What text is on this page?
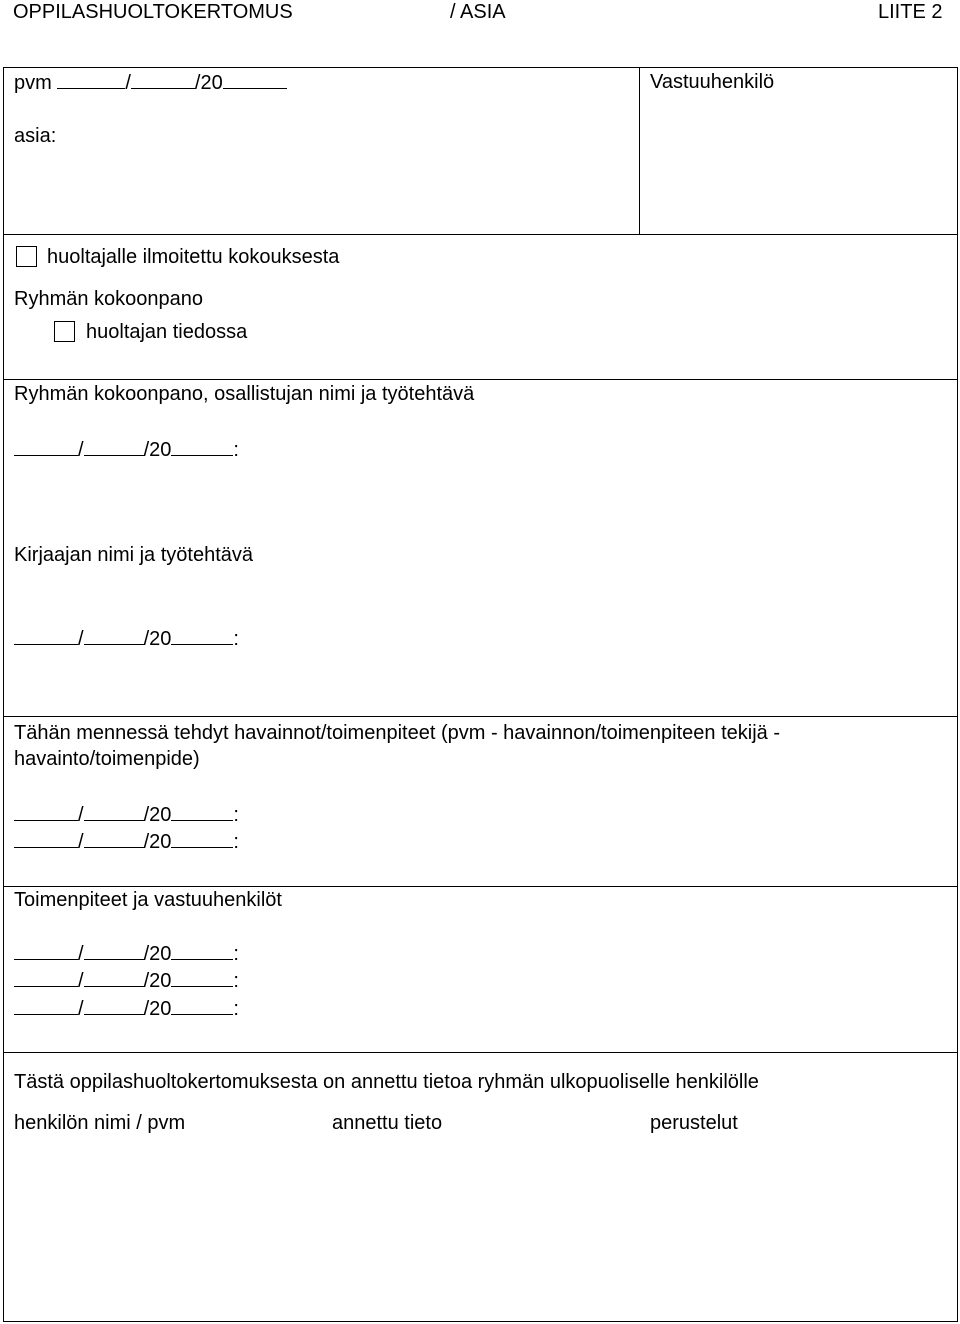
OPPILASHUOLTOKERTOMUS	/ ASIA	LIITE 2
pvm	/	/20	Vastuuhenkilö
asia:
huoltajalle ilmoitettu kokouksesta
Ryhmän kokoonpano
huoltajan tiedossa
Ryhmän kokoonpano, osallistujan nimi ja työtehtävä
/	/20	:
Kirjaajan nimi ja työtehtävä
/	/20	:
Tähän mennessä tehdyt havainnot/toimenpiteet (pvm - havainnon/toimenpiteen tekijä -
havainto/toimenpide)
/	/20	:
/	/20	:
Toimenpiteet ja vastuuhenkilöt
/	/20	:
/	/20	:
/	/20	:
Tästä oppilashuoltokertomuksesta on annettu tietoa ryhmän ulkopuoliselle henkilölle
henkilön nimi / pvm	annettu tieto	perustelut
